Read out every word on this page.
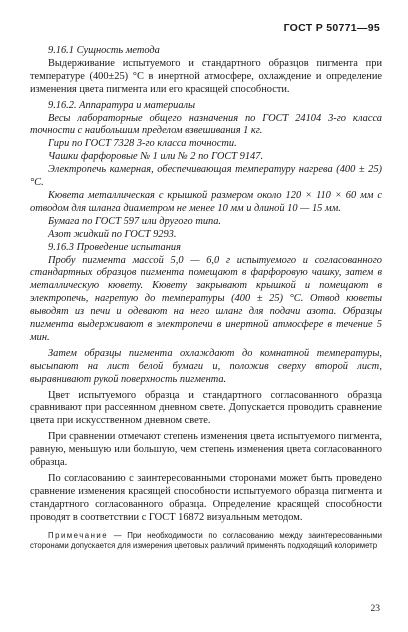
ГОСТ Р 50771—95

9.16.1 Сущность метода

Выдерживание испытуемого и стандартного образцов пигмента при температуре (400±25) °С в инертной атмосфере, охлаждение и определение изменения цвета пигмента или его красящей способности.

9.16.2. Аппаратура и материалы

Весы лабораторные общего назначения по ГОСТ 24104 3-го класса точности с наибольшим пределом взвешивания 1 кг.

Гири по ГОСТ 7328 3-го класса точности.

Чашки фарфоровые № 1 или № 2 по ГОСТ 9147.

Электропечь камерная, обеспечивающая температуру нагрева (400 ± 25) °С.

Кювета металлическая с крышкой размером около 120 × 110 × 60 мм с отводом для шланга диаметром не менее 10 мм и длиной 10 — 15 мм.

Бумага по ГОСТ 597 или другого типа.

Азот жидкий по ГОСТ 9293.

9.16.3 Проведение испытания

Пробу пигмента массой 5,0 — 6,0 г испытуемого и согласованного стандартных образцов пигмента помещают в фарфоровую чашку, затем в металлическую кювету. Кювету закрывают крышкой и помещают в электропечь, нагретую до температуры (400 ± 25) °С. Отвод кюветы выводят из печи и одевают на него шланг для подачи азота. Образцы пигмента выдерживают в электропечи в инертной атмосфере в течение 5 мин.

Затем образцы пигмента охлаждают до комнатной температуры, высыпают на лист белой бумаги и, положив сверху второй лист, выравнивают рукой поверхность пигмента.

Цвет испытуемого образца и стандартного согласованного образца сравнивают при рассеянном дневном свете. Допускается проводить сравнение цвета при искусственном дневном свете.

При сравнении отмечают степень изменения цвета испытуемого пигмента, равную, меньшую или большую, чем степень изменения цвета согласованного образца.

По согласованию с заинтересованными сторонами может быть проведено сравнение изменения красящей способности испытуемого образца пигмента и стандартного согласованного образца. Определение красящей способности проводят в соответствии с ГОСТ 16872 визуальным методом.

Примечание — При необходимости по согласованию между заинтересованными сторонами допускается для измерения цветовых различий применять подходящий колориметр

23
